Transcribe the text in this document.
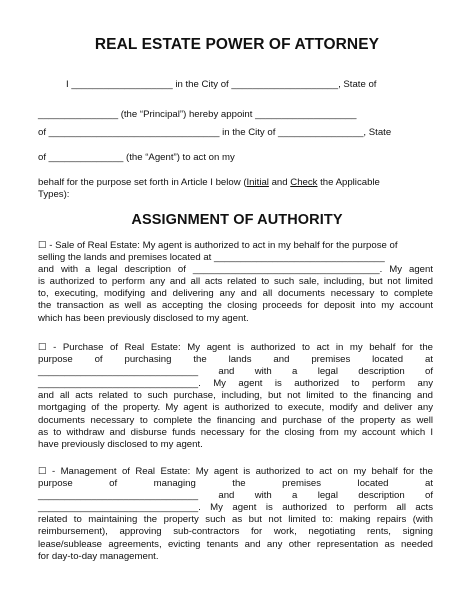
REAL ESTATE POWER OF ATTORNEY
I ___________________ in the City of ____________________, State of
_______________ (the “Principal”) hereby appoint ___________________
of ________________________________ in the City of ________________, State
of ______________ (the “Agent”) to act on my
behalf for the purpose set forth in Article I below (Initial and Check the Applicable
Types):
ASSIGNMENT OF AUTHORITY
☐ - Sale of Real Estate: My agent is authorized to act in my behalf for the purpose of
selling the lands and premises located at ________________________________
and with a legal description of ___________________________________. My agent
is authorized to perform any and all acts related to such sale, including, but not limited
to, executing, modifying and delivering any and all documents necessary to complete
the transaction as well as accepting the closing proceeds for deposit into my account
which has been previously disclosed to my agent.
☐ - Purchase of Real Estate: My agent is authorized to act in my behalf for the
purpose of purchasing the lands and premises located at
______________________________ and with a legal description of
______________________________. My agent is authorized to perform any
and all acts related to such purchase, including, but not limited to the financing and
mortgaging of the property. My agent is authorized to execute, modify and deliver any
documents necessary to complete the financing and purchase of the property as well
as to withdraw and disburse funds necessary for the closing from my account which I
have previously disclosed to my agent.
☐ - Management of Real Estate: My agent is authorized to act on my behalf for the
purpose of managing the premises located at
______________________________ and with a legal description of
______________________________. My agent is authorized to perform all acts
related to maintaining the property such as but not limited to: making repairs (with
reimbursement), approving sub-contractors for work, negotiating rents, signing
lease/sublease agreements, evicting tenants and any other representation as needed
for day-to-day management.
